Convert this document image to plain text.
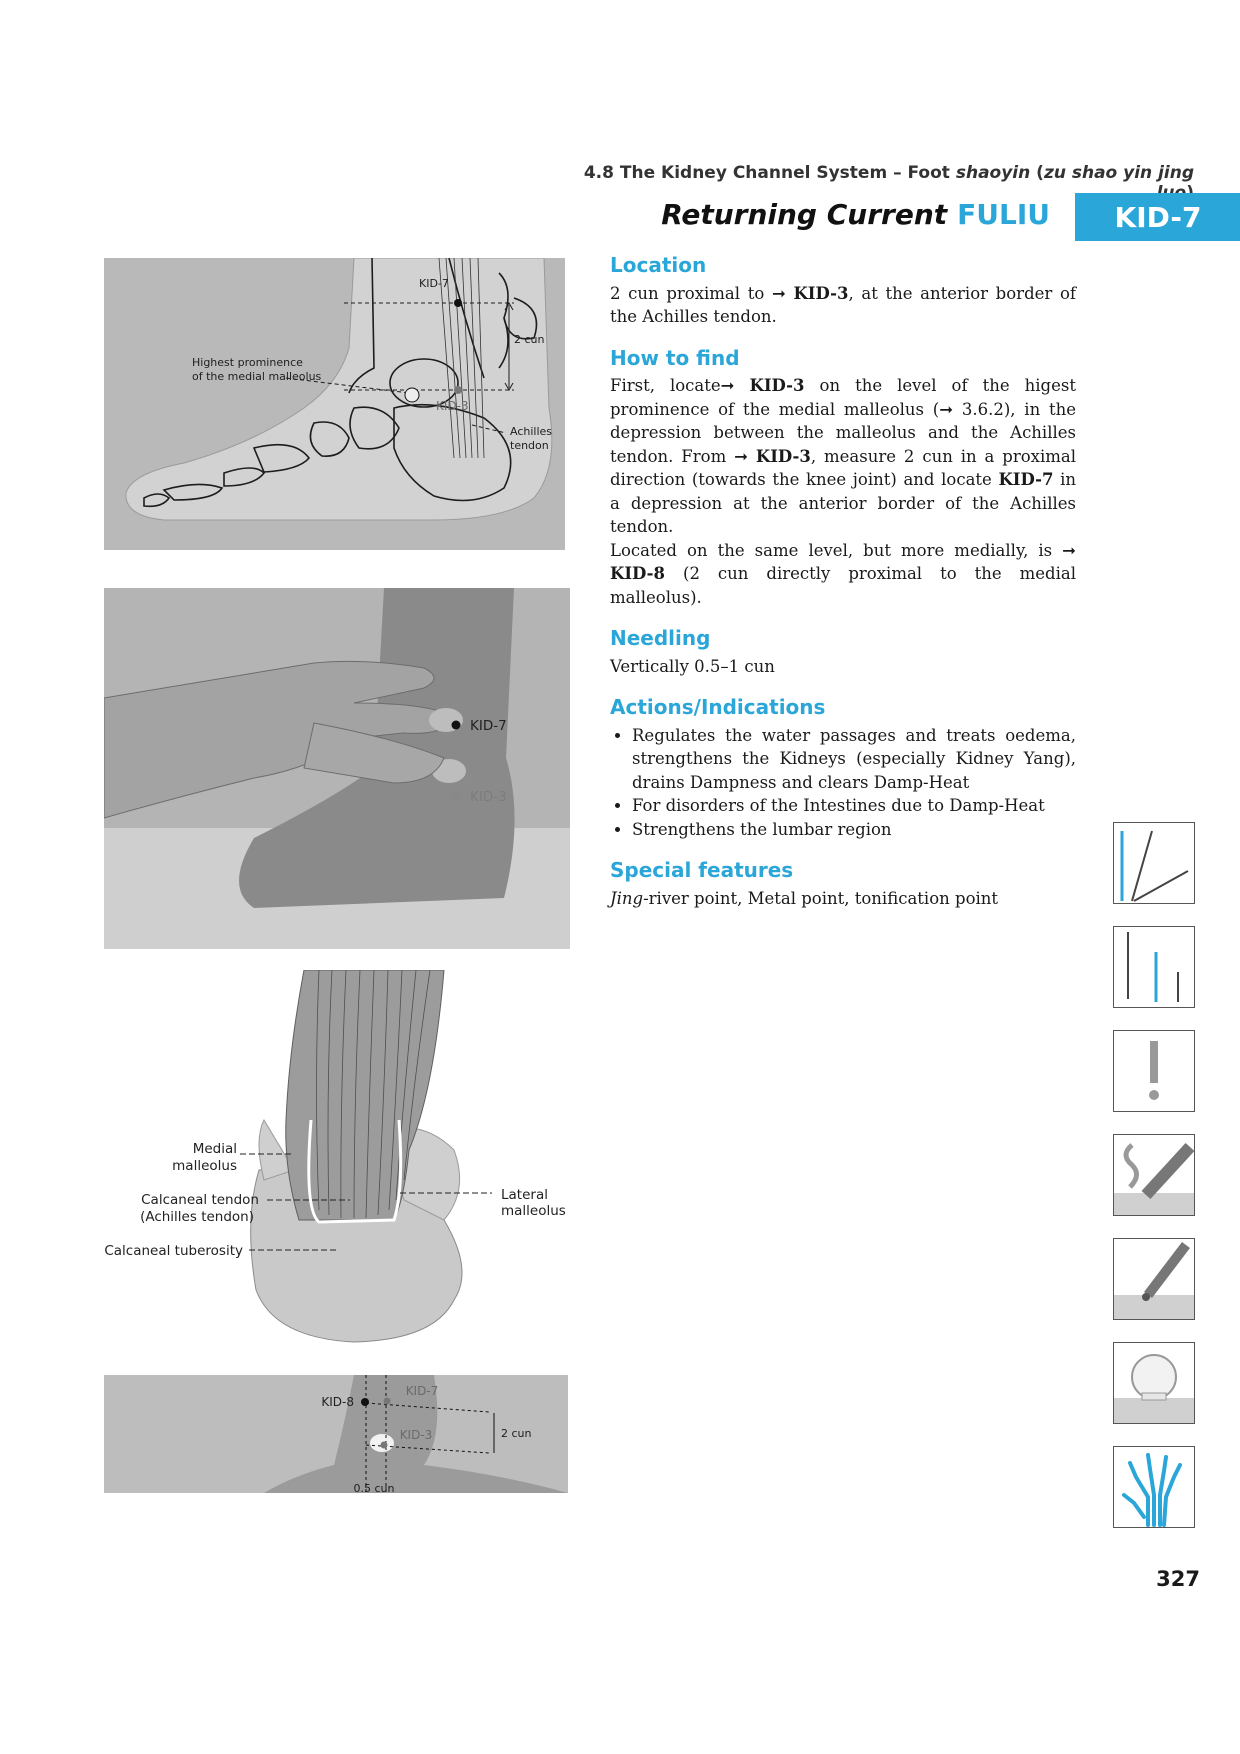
4.8 The Kidney Channel System – Foot shaoyin (zu shao yin jing
Returning Current FULIU	KID-7
Location

2 cun proximal to ➞ KID-3, at the anterior border of the Achilles tendon.

How to find

First, locate➞ KID-3 on the level of the higest prominence of the medial malleolus (➞ 3.6.2), in the depression between the malleolus and the Achilles tendon. From ➞ KID-3, measure 2 cun in a proximal direction (towards the knee joint) and locate KID-7 in a depression at the anterior border of the Achilles tendon.

Located on the same level, but more medially, is ➞ KID-8 (2 cun directly proximal to the medial malleolus).

Needling

Vertically 0.5–1 cun

Actions/Indications
• Regulates the water passages and treats oedema, strengthens the Kidneys (especially Kidney Yang), drains Dampness and clears Damp-Heat
• For disorders of the Intestines due to Damp-Heat
• Strengthens the lumbar region
Special features

Jing-river point, Metal point, tonification point

KID-7
KID-3
2 cun
Highest prominence
of the medial malleolus
Achilles
tendon
KID-7
KID-3
Medial
malleolus
Calcaneal tendon
(Achilles tendon)
Calcaneal tuberosity
Lateral
malleolus
KID-8
KID-7
KID-3	2 cun
0.5 cun
327
